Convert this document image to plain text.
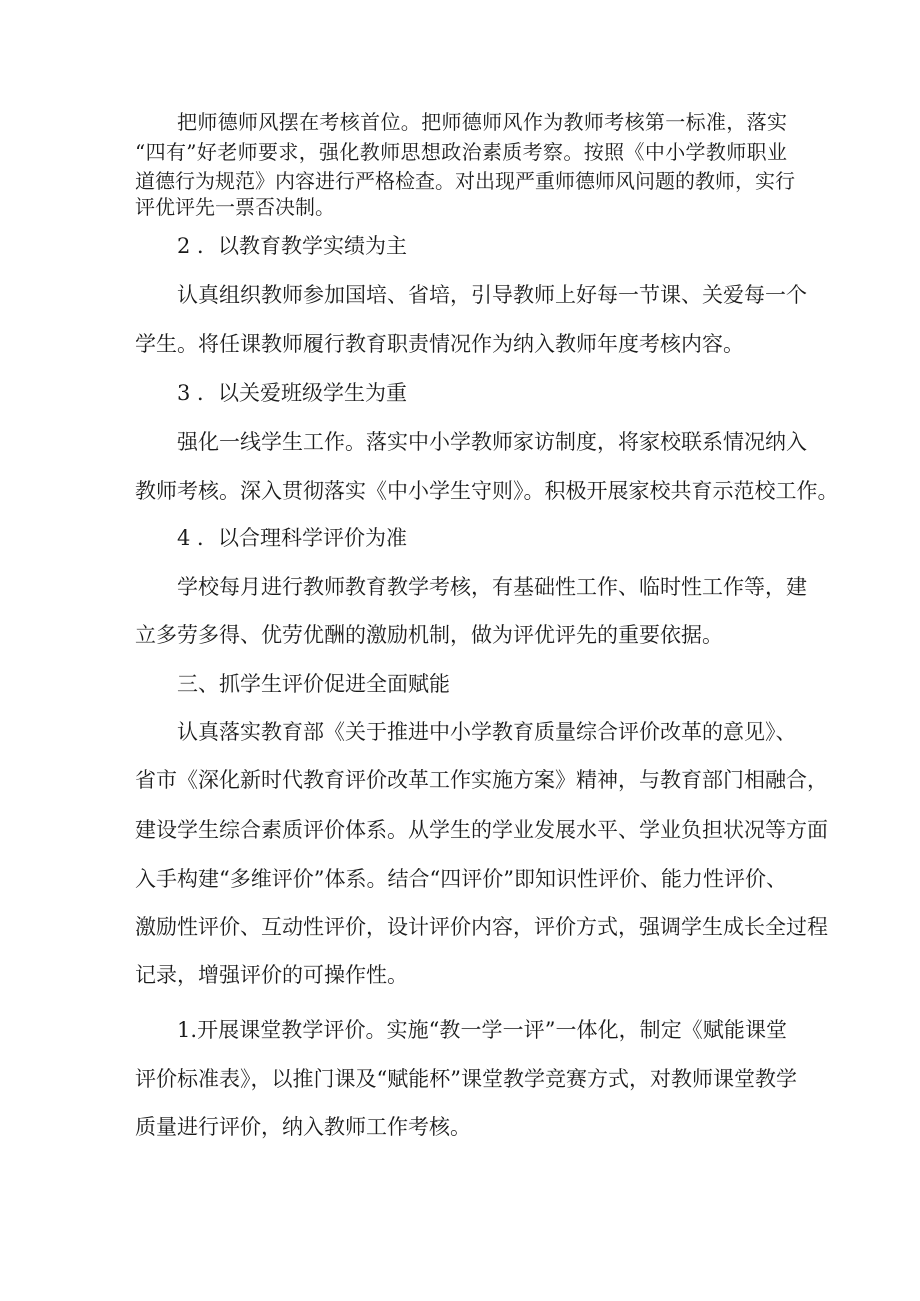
把师德师风摆在考核首位。把师德师风作为教师考核第一标准，落实
“四有”好老师要求，强化教师思想政治素质考察。按照《中小学教师职业
道德行为规范》内容进行严格检查。对出现严重师德师风问题的教师，实行
评优评先一票否决制。
2 ．以教育教学实绩为主
认真组织教师参加国培、省培，引导教师上好每一节课、关爱每一个
学生。将任课教师履行教育职责情况作为纳入教师年度考核内容。
3 ．以关爱班级学生为重
强化一线学生工作。落实中小学教师家访制度，将家校联系情况纳入
教师考核。深入贯彻落实《中小学生守则》。积极开展家校共育示范校工作。
4 ．以合理科学评价为准
学校每月进行教师教育教学考核，有基础性工作、临时性工作等，建
立多劳多得、优劳优酬的激励机制，做为评优评先的重要依据。
三、抓学生评价促进全面赋能
认真落实教育部《关于推进中小学教育质量综合评价改革的意见》、
省市《深化新时代教育评价改革工作实施方案》精神，与教育部门相融合，
建设学生综合素质评价体系。从学生的学业发展水平、学业负担状况等方面
入手构建“多维评价”体系。结合“四评价”即知识性评价、能力性评价、
激励性评价、互动性评价，设计评价内容，评价方式，强调学生成长全过程
记录，增强评价的可操作性。
1.开展课堂教学评价。实施“教一学一评”一体化，制定《赋能课堂
评价标准表》，以推门课及“赋能杯”课堂教学竞赛方式，对教师课堂教学
质量进行评价，纳入教师工作考核。
